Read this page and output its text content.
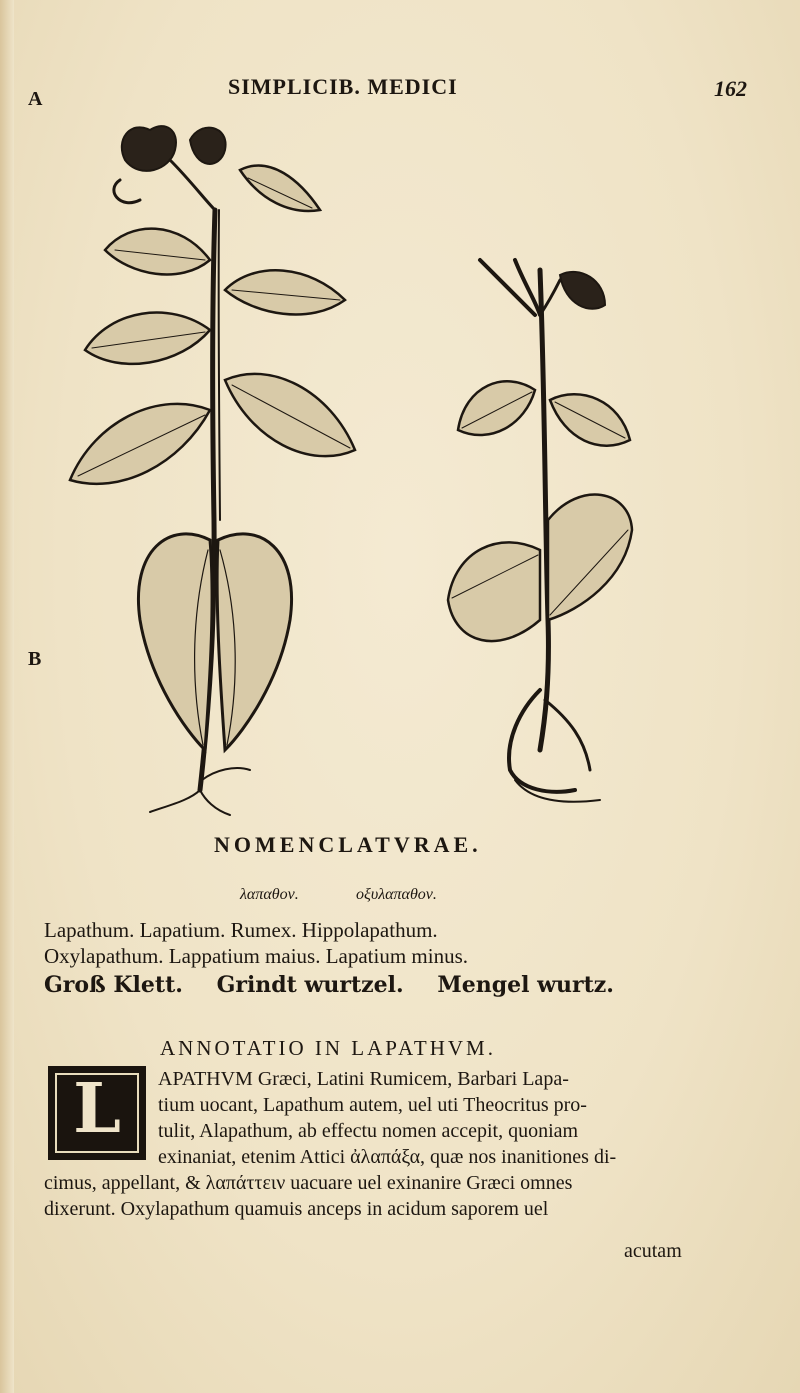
A
B
SIMPLICIB. MEDICI	162
NOMENCLATVRAE.
λαπαθον.	οξυλαπαθον.
Lapathum. Lapatium. Rumex. Hippolapathum.
Oxylapathum. Lappatium maius. Lapatium minus.
Groß Klett. Grindt wurtzel. Mengel wurtz.
ANNOTATIO IN LAPATHVM.
L	APATHVM Græci, Latini Rumicem, Barbari Lapa-
tium uocant, Lapathum autem, uel uti Theocritus pro-
tulit, Alapathum, ab effectu nomen accepit, quoniam
exinaniat, etenim Attici ἀλαπάξα, quæ nos inanitiones di-
cimus, appellant, & λαπάττειν uacuare uel exinanire Græci omnes
dixerunt. Oxylapathum quamuis anceps in acidum saporem uel
acutam
